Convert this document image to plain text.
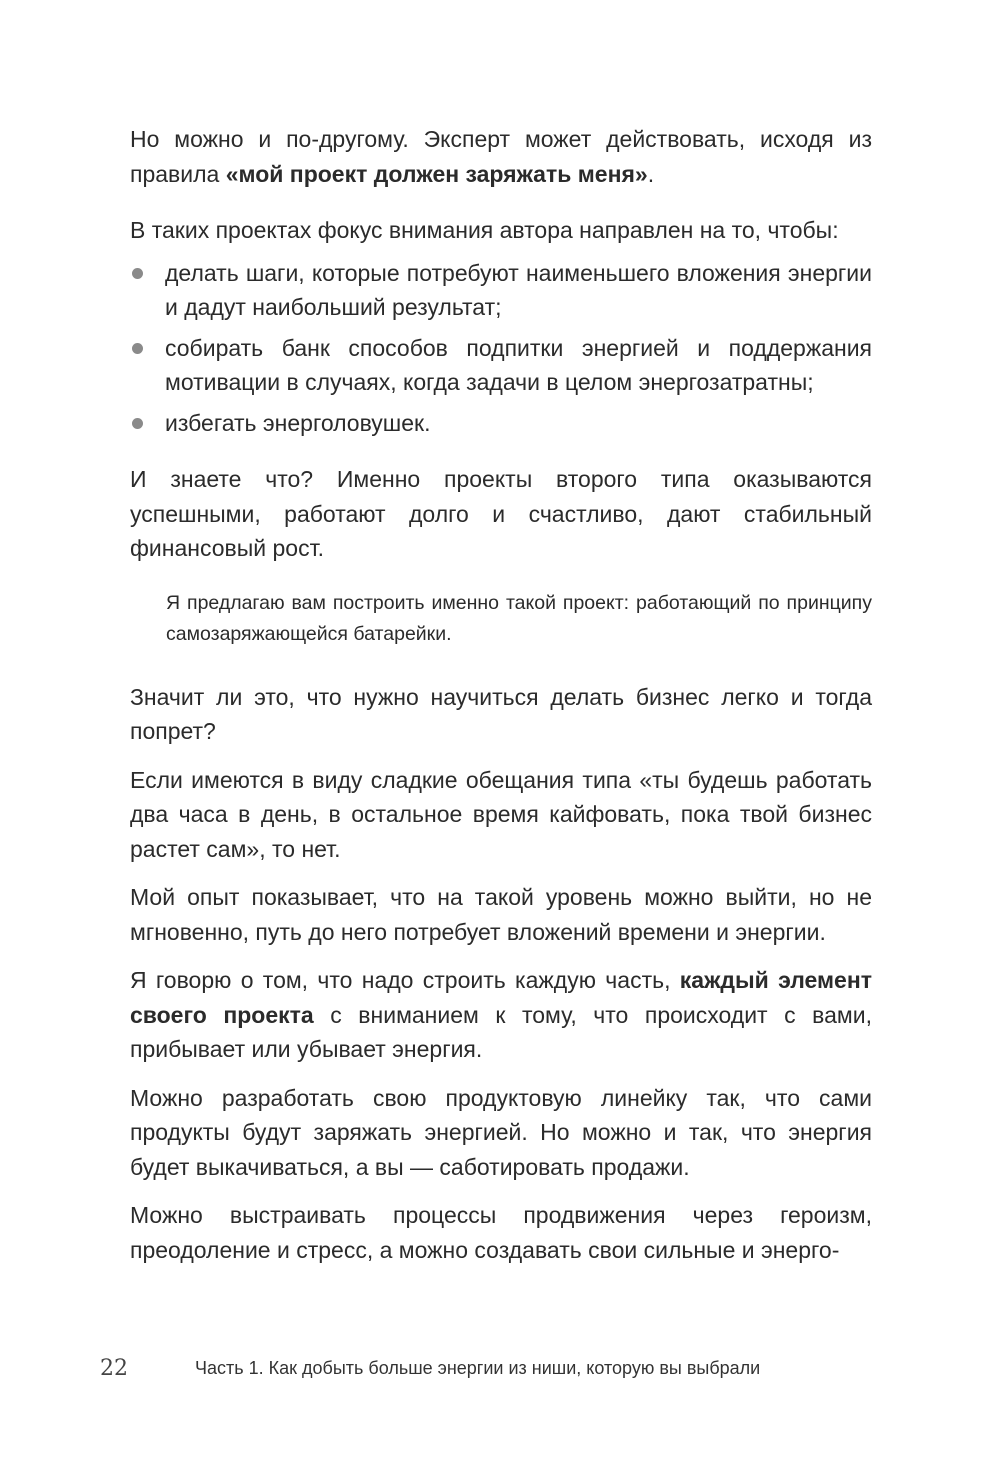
Но можно и по-другому. Эксперт может действовать, исходя из правила «мой проект должен заряжать меня».

В таких проектах фокус внимания автора направлен на то, чтобы:

делать шаги, которые потребуют наименьшего вложения энергии и дадут наибольший результат;
собирать банк способов подпитки энергией и поддержания мотивации в случаях, когда задачи в целом энергозатратны;
избегать энерголовушек.

И знаете что? Именно проекты второго типа оказываются успешными, работают долго и счастливо, дают стабильный финансовый рост.

Я предлагаю вам построить именно такой проект: работающий по принципу самозаряжающейся батарейки.

Значит ли это, что нужно научиться делать бизнес легко и тогда попрет?

Если имеются в виду сладкие обещания типа «ты будешь работать два часа в день, в остальное время кайфовать, пока твой бизнес растет сам», то нет.

Мой опыт показывает, что на такой уровень можно выйти, но не мгновенно, путь до него потребует вложений времени и энергии.

Я говорю о том, что надо строить каждую часть, каждый элемент своего проекта с вниманием к тому, что происходит с вами, прибывает или убывает энергия.

Можно разработать свою продуктовую линейку так, что сами продукты будут заряжать энергией. Но можно и так, что энергия будет выкачиваться, а вы — саботировать продажи.

Можно выстраивать процессы продвижения через героизм, преодоление и стресс, а можно создавать свои сильные и энерго-

22	Часть 1. Как добыть больше энергии из ниши, которую вы выбрали
